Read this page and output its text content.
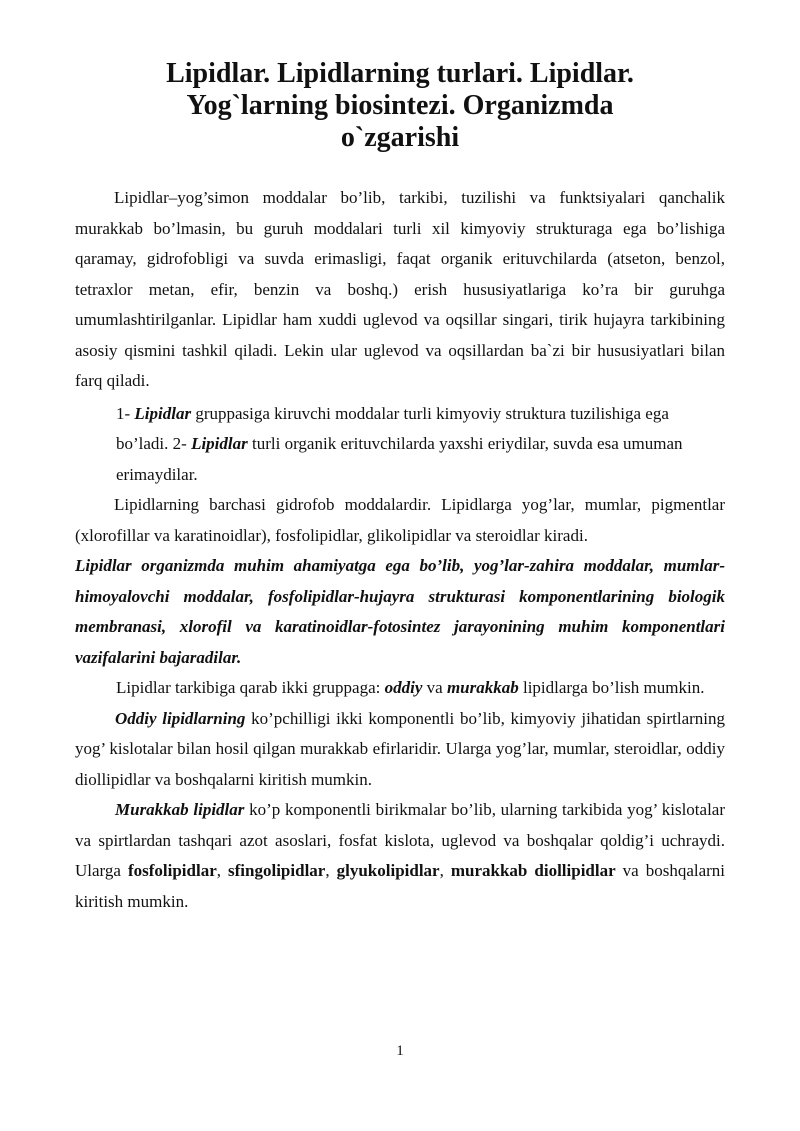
Lipidlar. Lipidlarning turlari. Lipidlar.
Yog`larning biosintezi. Organizmda
o`zgarishi

Lipidlar–yog’simon moddalar bo’lib, tarkibi, tuzilishi va funktsiyalari qanchalik murakkab bo’lmasin, bu guruh moddalari turli xil kimyoviy strukturaga ega bo’lishiga qaramay, gidrofobligi va suvda erimasligi, faqat organik erituvchilarda (atseton, benzol, tetraxlor metan, efir, benzin va boshq.) erish hususiyatlariga ko’ra bir guruhga umumlashtirilganlar. Lipidlar ham xuddi uglevod va oqsillar singari, tirik hujayra tarkibining asosiy qismini tashkil qiladi. Lekin ular uglevod va oqsillardan ba`zi bir hususiyatlari bilan farq qiladi.

1- Lipidlar gruppasiga kiruvchi moddalar turli kimyoviy struktura tuzilishiga ega bo’ladi. 2- Lipidlar turli organik erituvchilarda yaxshi eriydilar, suvda esa umuman erimaydilar.

Lipidlarning barchasi gidrofob moddalardir. Lipidlarga yog’lar, mumlar, pigmentlar (xlorofillar va karatinoidlar), fosfolipidlar, glikolipidlar va steroidlar kiradi.

Lipidlar organizmda muhim ahamiyatga ega bo’lib, yog’lar-zahira moddalar, mumlar-himoyalovchi moddalar, fosfolipidlar-hujayra strukturasi komponentlarining biologik membranasi, xlorofil va karatinoidlar-fotosintez jarayonining muhim komponentlari vazifalarini bajaradilar.

Lipidlar tarkibiga qarab ikki gruppaga: oddiy va murakkab lipidlarga bo’lish mumkin.

Oddiy lipidlarning ko’pchilligi ikki komponentli bo’lib, kimyoviy jihatidan spirtlarning yog’ kislotalar bilan hosil qilgan murakkab efirlaridir. Ularga yog’lar, mumlar, steroidlar, oddiy diollipidlar va boshqalarni kiritish mumkin.

Murakkab lipidlar ko’p komponentli birikmalar bo’lib, ularning tarkibida yog’ kislotalar va spirtlardan tashqari azot asoslari, fosfat kislota, uglevod va boshqalar qoldig’i uchraydi. Ularga fosfolipidlar, sfingolipidlar, glyukolipidlar, murakkab diollipidlar va boshqalarni kiritish mumkin.

1
